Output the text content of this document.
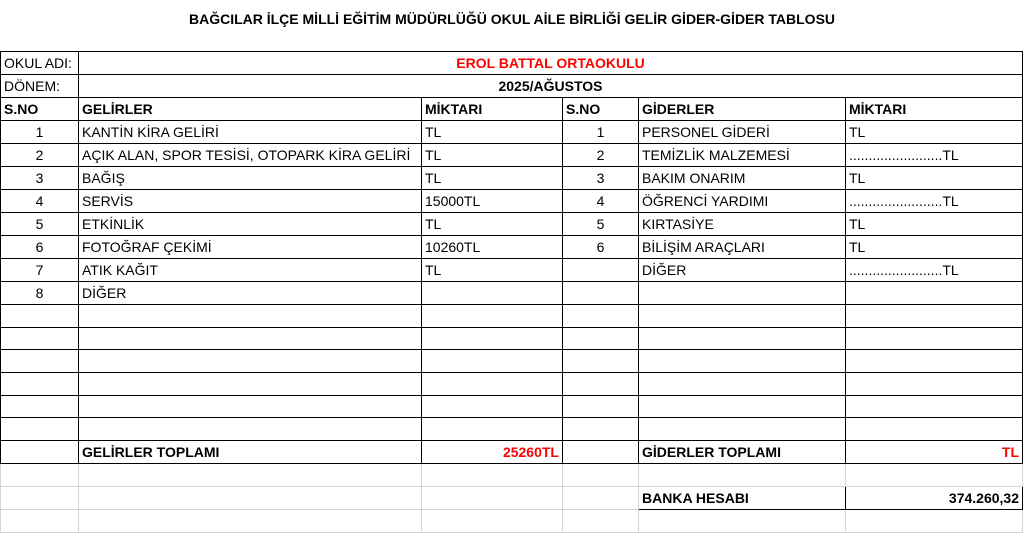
BAĞCILAR İLÇE MİLLİ EĞİTİM MÜDÜRLÜĞÜ OKUL AİLE BİRLİĞİ GELİR GİDER-GİDER TABLOSU
OKUL ADI:	EROL BATTAL ORTAOKULU				
DÖNEM:	2025/AĞUSTOS				
S.NO	GELİRLER	MİKTARI	S.NO	GİDERLER	MİKTARI
1	KANTİN KİRA GELİRİ	TL	1	PERSONEL GİDERİ	TL
2	AÇIK ALAN, SPOR TESİSİ, OTOPARK KİRA GELİRİ	TL	2	TEMİZLİK MALZEMESİ	........................TL
3	BAĞIŞ	TL	3	BAKIM ONARIM	TL
4	SERVİS	15000TL	4	ÖĞRENCİ YARDIMI	........................TL
5	ETKİNLİK	TL	5	KIRTASİYE	TL
6	FOTOĞRAF ÇEKİMİ	10260TL	6	BİLİŞİM ARAÇLARI	TL
7	ATIK KAĞIT	TL		DİĞER	........................TL
8	DİĞER				

	GELİRLER TOPLAMI	25260TL		GİDERLER TOPLAMI	TL

				BANKA HESABI	374.260,32
